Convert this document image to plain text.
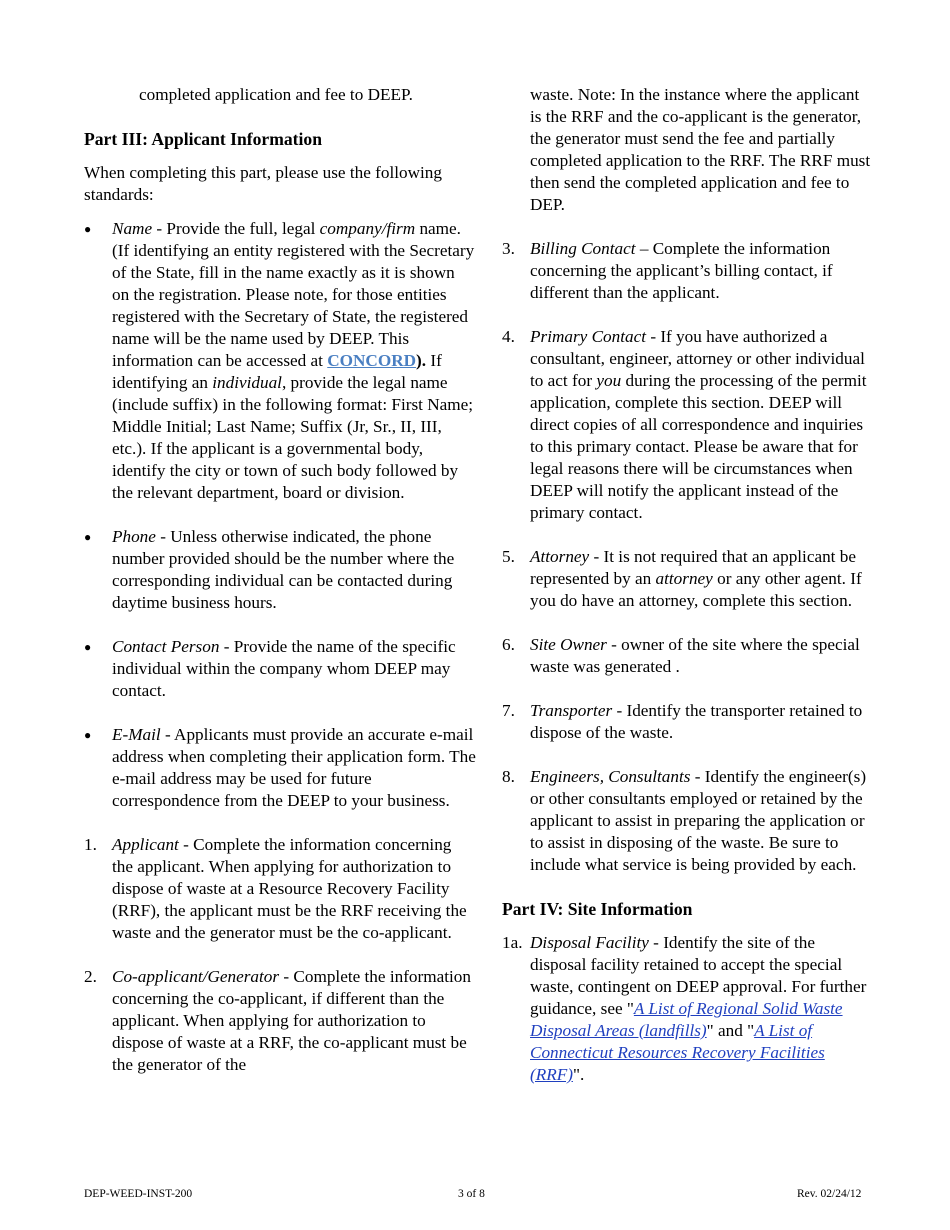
completed application and fee to DEEP.

Part III: Applicant Information

When completing this part, please use the following standards:

● Name - Provide the full, legal company/firm name. (If identifying an entity registered with the Secretary of the State, fill in the name exactly as it is shown on the registration. Please note, for those entities registered with the Secretary of State, the registered name will be the name used by DEEP. This information can be accessed at CONCORD). If identifying an individual, provide the legal name (include suffix) in the following format: First Name; Middle Initial; Last Name; Suffix (Jr, Sr., II, III, etc.). If the applicant is a governmental body, identify the city or town of such body followed by the relevant department, board or division.
● Phone - Unless otherwise indicated, the phone number provided should be the number where the corresponding individual can be contacted during daytime business hours.
● Contact Person - Provide the name of the specific individual within the company whom DEEP may contact.
● E-Mail - Applicants must provide an accurate e-mail address when completing their application form. The e-mail address may be used for future correspondence from the DEEP to your business.
1. Applicant - Complete the information concerning the applicant. When applying for authorization to dispose of waste at a Resource Recovery Facility (RRF), the applicant must be the RRF receiving the waste and the generator must be the co-applicant.
2. Co-applicant/Generator - Complete the information concerning the co-applicant, if different than the applicant. When applying for authorization to dispose of waste at a RRF, the co-applicant must be the generator of the

waste. Note: In the instance where the applicant is the RRF and the co-applicant is the generator, the generator must send the fee and partially completed application to the RRF. The RRF must then send the completed application and fee to DEP.

3. Billing Contact – Complete the information concerning the applicant’s billing contact, if different than the applicant.
4. Primary Contact - If you have authorized a consultant, engineer, attorney or other individual to act for you during the processing of the permit application, complete this section. DEEP will direct copies of all correspondence and inquiries to this primary contact. Please be aware that for legal reasons there will be circumstances when DEEP will notify the applicant instead of the primary contact.
5. Attorney - It is not required that an applicant be represented by an attorney or any other agent. If you do have an attorney, complete this section.
6. Site Owner - owner of the site where the special waste was generated .
7. Transporter - Identify the transporter retained to dispose of the waste.
8. Engineers, Consultants - Identify the engineer(s) or other consultants employed or retained by the applicant to assist in preparing the application or to assist in disposing of the waste. Be sure to include what service is being provided by each.

Part IV: Site Information

1a. Disposal Facility - Identify the site of the disposal facility retained to accept the special waste, contingent on DEEP approval. For further guidance, see "A List of Regional Solid Waste Disposal Areas (landfills)" and "A List of Connecticut Resources Recovery Facilities (RRF)".
DEP-WEED-INST-200	3 of 8	Rev. 02/24/12
